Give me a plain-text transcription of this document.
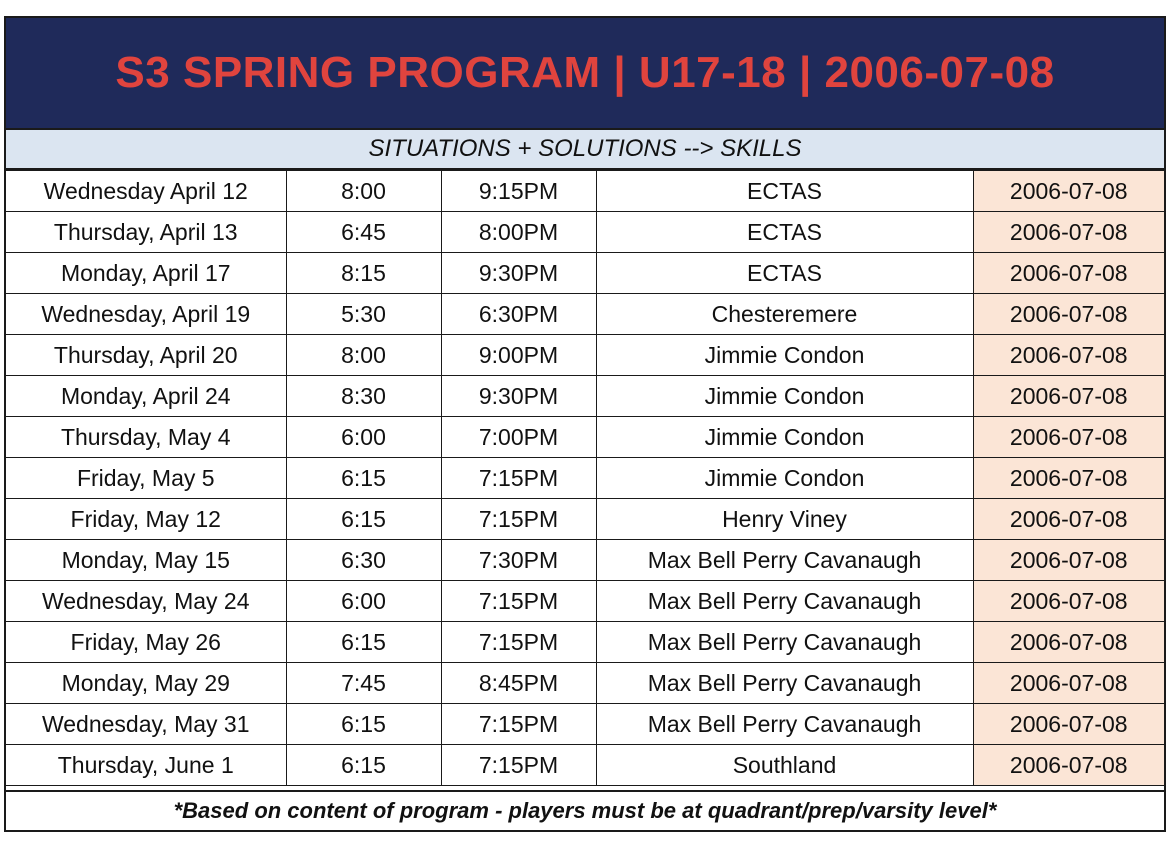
S3 SPRING PROGRAM | U17-18 | 2006-07-08
SITUATIONS + SOLUTIONS --> SKILLS
Wednesday April 12	8:00	9:15PM	ECTAS	2006-07-08
Thursday, April 13	6:45	8:00PM	ECTAS	2006-07-08
Monday, April 17	8:15	9:30PM	ECTAS	2006-07-08
Wednesday, April 19	5:30	6:30PM	Chesteremere	2006-07-08
Thursday, April 20	8:00	9:00PM	Jimmie Condon	2006-07-08
Monday, April 24	8:30	9:30PM	Jimmie Condon	2006-07-08
Thursday, May 4	6:00	7:00PM	Jimmie Condon	2006-07-08
Friday, May 5	6:15	7:15PM	Jimmie Condon	2006-07-08
Friday, May 12	6:15	7:15PM	Henry Viney	2006-07-08
Monday, May 15	6:30	7:30PM	Max Bell Perry Cavanaugh	2006-07-08
Wednesday, May 24	6:00	7:15PM	Max Bell Perry Cavanaugh	2006-07-08
Friday, May 26	6:15	7:15PM	Max Bell Perry Cavanaugh	2006-07-08
Monday, May 29	7:45	8:45PM	Max Bell Perry Cavanaugh	2006-07-08
Wednesday, May 31	6:15	7:15PM	Max Bell Perry Cavanaugh	2006-07-08
Thursday, June 1	6:15	7:15PM	Southland	2006-07-08
*Based on content of program - players must be at quadrant/prep/varsity level*
